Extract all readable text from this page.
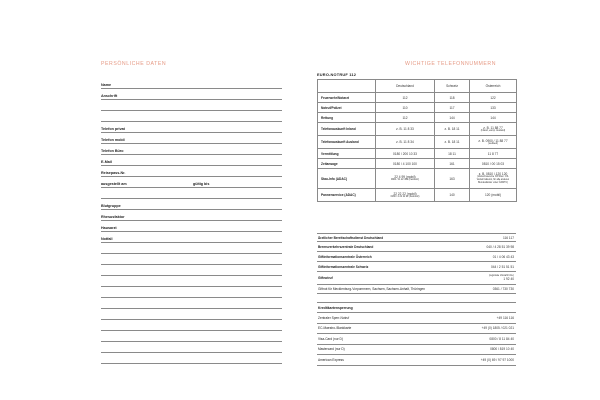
PERSÖNLICHE DATEN
Name
Anschrift
Telefon privat
Telefon mobil
Telefon Büro
E-Mail
Reisepass-Nr.
ausgestellt am	gültig bis
Blutgruppe
Rhesusfaktor
Hausarzt
Notfall
WICHTIGE TELEFONNUMMERN
EURO-NOTRUF 112
	Deutschland	Schweiz	Österreich
Feuerwehr/Notarzt	112	118	122
Notruf/Polizei	110	117	133
Rettung	112	144	144
Telefonauskunft Inland	z. B. 11 8 33	z. B. 18 11	z. B. 11 88 77
(Inland, europ. Ausland)

Telefonauskunft Ausland	z. B. 11 8 34	z. B. 18 11	z. B. 0900 / 11 88 77
(weltweit)

Vermittlung	0180 / 200 10 33	18 11	11 8 77
Zeitansage	0180 / 4 100 100	161	0810 / 00 15 03
Stau-Info (ADAC)	22 4 99 (mobil)
0900 / 11 22 499 (Festnetz)	163	z. B. 0810 / 120 120
(Verkehrsservice Ö3 Wien: Ö3-Verkehrsdienst, für alle anderen Bundesländer unter ÖAMTC)

Pannenservice (ADAC)	22 22 22 (mobil)
0180 / 2 22 22 22 (Festnetz)	140	120 (mobil)
Ärztlicher Bereitschaftsdienst Deutschland	116 117
Bremsverkehrszentrale Deutschland	040 / 4 28 51 39 98
Giftinformationszentrale Österreich	01 / 4 06 43 43
Giftinformationszentrale Schweiz	044 / 2 51 51 51
Giftnotruf	(regionale Vorwahl bzw.)
1 92 40
Giftnot für Mecklenburg-Vorpommern, Sachsen, Sachsen-Anhalt, Thüringen	0361 / 730 730
Kreditkartensperrung
Zentraler Sperr-Notruf	+49 116 116
EC-Maestro-/Bankkarte	+49 (0) 1805 / 021 021
Visa-Card (nur D)	0800 / 8 11 84 40
Mastercard (nur D)	0800 / 819 10 40
American Express	+49 (0) 69 / 97 97 1000
